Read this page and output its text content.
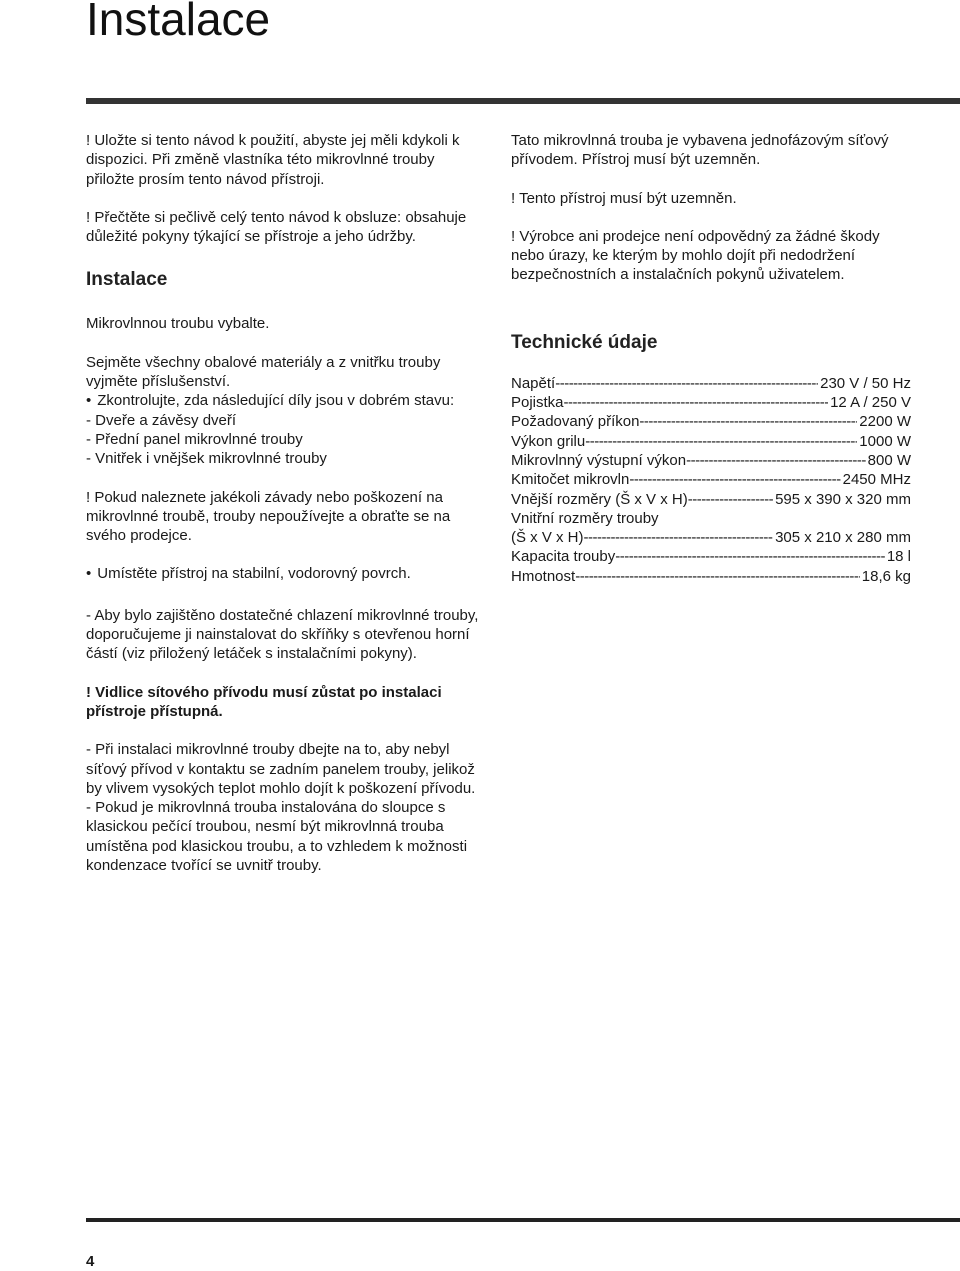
Instalace

! Uložte si tento návod k použití, abyste jej měli kdykoli k dispozici. Při změně vlastníka této mikrovlnné trouby přiložte prosím tento návod přístroji.

! Přečtěte si pečlivě celý tento návod k obsluze: obsahuje důležité pokyny týkající se přístroje a jeho údržby.

Instalace

Mikrovlnnou troubu vybalte.

Sejměte všechny obalové materiály a z vnitřku trouby vyjměte příslušenství.

• Zkontrolujte, zda následující díly jsou v dobrém stavu:

- Dveře a závěsy dveří

- Přední panel mikrovlnné trouby

- Vnitřek i vnějšek mikrovlnné trouby

! Pokud naleznete jakékoli závady nebo poškození na mikrovlnné troubě, trouby nepoužívejte a obraťte se na svého prodejce.

• Umístěte přístroj na stabilní, vodorovný povrch.

- Aby bylo zajištěno dostatečné chlazení mikrovlnné trouby, doporučujeme ji nainstalovat do skříňky s otevřenou horní částí (viz přiložený letáček s instalačními pokyny).

! Vidlice sítového přívodu musí zůstat po instalaci přístroje přístupná.

- Při instalaci mikrovlnné trouby dbejte na to, aby nebyl síťový přívod v kontaktu se zadním panelem trouby, jelikož by vlivem vysokých teplot mohlo dojít k poškození přívodu.

- Pokud je mikrovlnná trouba instalována do sloupce s klasickou pečící troubou, nesmí být mikrovlnná trouba umístěna pod klasickou troubu, a to vzhledem k možnosti kondenzace tvořící se uvnitř trouby.

Tato mikrovlnná trouba je vybavena jednofázovým síťový přívodem. Přístroj musí být uzemněn.

! Tento přístroj musí být uzemněn.

! Výrobce ani prodejce není odpovědný za žádné škody nebo úrazy, ke kterým by mohlo dojít při nedodržení bezpečnostních a instalačních pokynů uživatelem.

Technické údaje
Napětí -----	230 V / 50 Hz
Pojistka -----	12 A / 250 V
Požadovaný příkon -----	2200 W
Výkon grilu -----	1000 W
Mikrovlnný výstupní výkon -----	800 W
Kmitočet mikrovln -----	2450 MHz
Vnější rozměry (Š x V x H) -----	595 x 390 x 320 mm

Vnitřní rozměry trouby

(Š x V x H) -----	305 x 210 x 280 mm
Kapacita trouby -----	18 l
Hmotnost -----	18,6 kg
4
